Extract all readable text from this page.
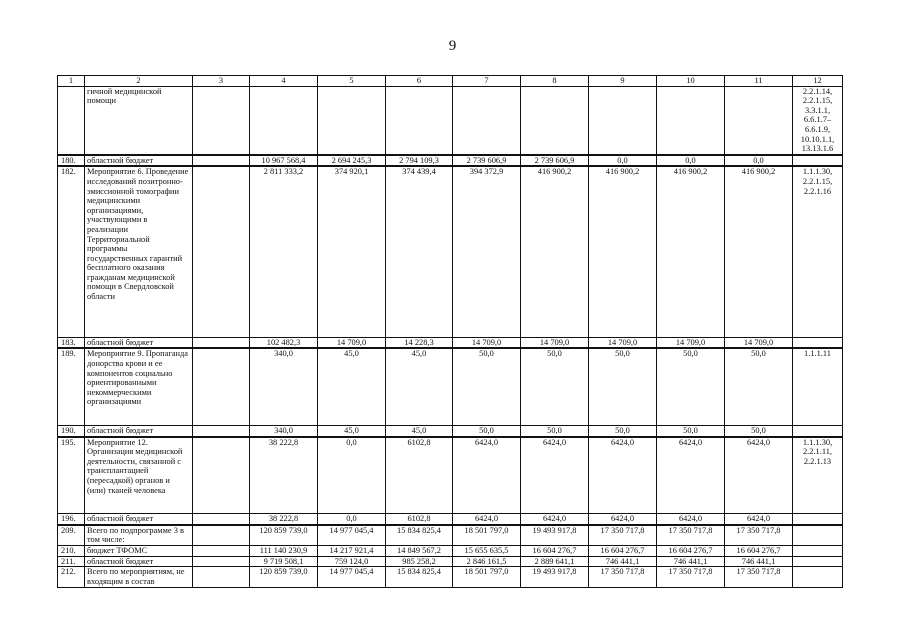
9
1	2	3	4	5	6	7	8	9	10	11	12
	гичной медицинской помощи										2.2.1.14, 2.2.1.15, 3.3.1.1, 6.6.1.7–6.6.1.9, 10.10.1.1, 13.13.1.6
180.	областной бюджет		10 967 568,4	2 694 245,3	2 794 109,3	2 739 606,9	2 739 606,9	0,0	0,0	0,0	
182.	Мероприятие 6. Проведение исследований позитронно-эмиссионной томографии медицинскими организациями, участвующими в реализации Территориальной программы государственных гарантий бесплатного оказания гражданам медицинской помощи в Свердловской области		2 811 333,2	374 920,1	374 439,4	394 372,9	416 900,2	416 900,2	416 900,2	416 900,2	1.1.1.30, 2.2.1.15, 2.2.1.16
183.	областной бюджет		102 482,3	14 709,0	14 228,3	14 709,0	14 709,0	14 709,0	14 709,0	14 709,0	
189.	Мероприятие 9. Пропаганда донорства крови и ее компонентов социально ориентированными некоммерческими организациями		340,0	45,0	45,0	50,0	50,0	50,0	50,0	50,0	1.1.1.11
190.	областной бюджет		340,0	45,0	45,0	50,0	50,0	50,0	50,0	50,0	
195.	Мероприятие 12. Организация медицинской деятельности, связанной с трансплантацией (пересадкой) органов и (или) тканей человека		38 222,8	0,0	6102,8	6424,0	6424,0	6424,0	6424,0	6424,0	1.1.1.30, 2.2.1.11, 2.2.1.13
196.	областной бюджет		38 222,8	0,0	6102,8	6424,0	6424,0	6424,0	6424,0	6424,0	
209.	Всего по подпрограмме 3 в том числе:		120 859 739,0	14 977 045,4	15 834 825,4	18 501 797,0	19 493 917,8	17 350 717,8	17 350 717,8	17 350 717,8	
210.	бюджет ТФОМС		111 140 230,9	14 217 921,4	14 849 567,2	15 655 635,5	16 604 276,7	16 604 276,7	16 604 276,7	16 604 276,7	
211.	областной бюджет		9 719 508,1	759 124,0	985 258,2	2 846 161,5	2 889 641,1	746 441,1	746 441,1	746 441,1	
212.	Всего по мероприятиям, не входящим в состав		120 859 739,0	14 977 045,4	15 834 825,4	18 501 797,0	19 493 917,8	17 350 717,8	17 350 717,8	17 350 717,8	
